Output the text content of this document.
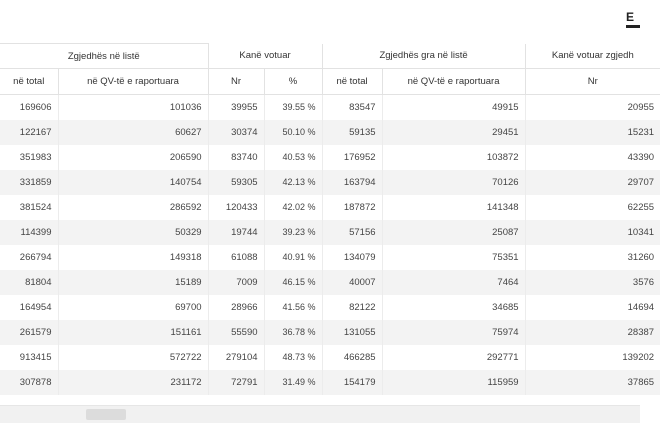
E
Zgjedhës në listë		Kanë votuar		Zgjedhës gra në listë		Kanë votuar zgjedh
në total	në QV-të e raportuara	Nr	%	në total	në QV-të e raportuara	Nr
169606	101036	39955	39.55 %	83547	49915	20955
122167	60627	30374	50.10 %	59135	29451	15231
351983	206590	83740	40.53 %	176952	103872	43390
331859	140754	59305	42.13 %	163794	70126	29707
381524	286592	120433	42.02 %	187872	141348	62255
114399	50329	19744	39.23 %	57156	25087	10341
266794	149318	61088	40.91 %	134079	75351	31260
81804	15189	7009	46.15 %	40007	7464	3576
164954	69700	28966	41.56 %	82122	34685	14694
261579	151161	55590	36.78 %	131055	75974	28387
913415	572722	279104	48.73 %	466285	292771	139202
307878	231172	72791	31.49 %	154179	115959	37865
